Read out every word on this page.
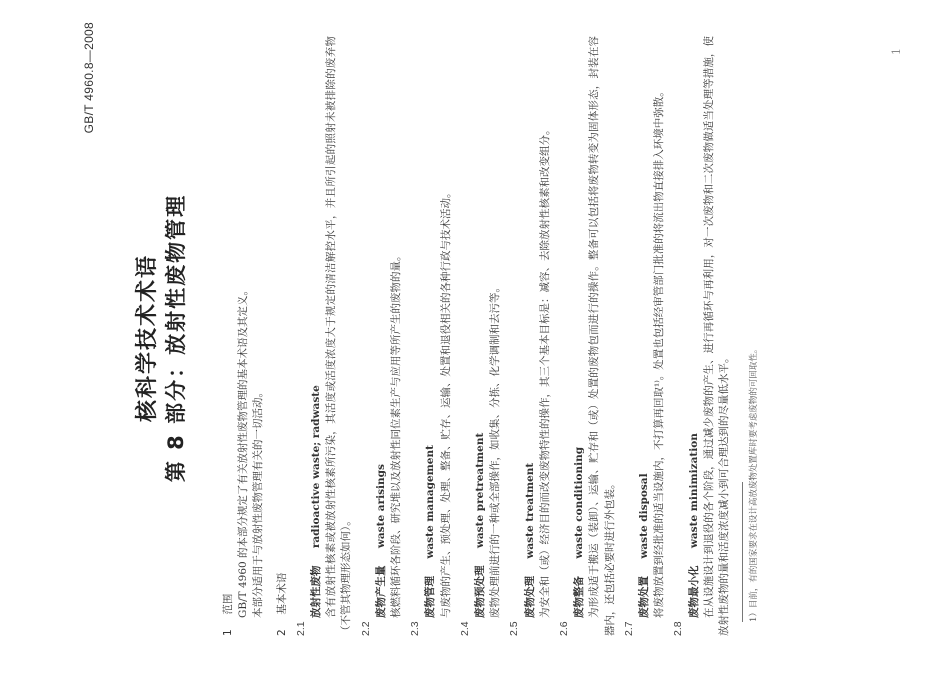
GB/T 4960.8—2008
核科学技术术语 第 8 部分：放射性废物管理
1
1 范围 GB/T 4960 的本部分规定了有关放射性废物管理的基本术语及其定义。 本部分适用于与放射性废物管理有关的一切活动。
2 基本术语
2.1
放射性废物 radioactive waste; radwaste 含有放射性核素或被放射性核素所污染，其活度或活度浓度大于规定的清洁解控水平，并且所引起的照射未被排除的废弃物（不管其物理形态如何）。 2.2
废物产生量 waste arisings 核燃料循环各阶段、研究堆以及放射性同位素生产与应用等所产生的废物的量。
2.3
废物管理 waste management 与废物的产生、预处理、处理、整备、贮存、运输、处置和退役相关的各种行政与技术活动。
2.4
废物预处理 waste pretreatment 废物处理前进行的一种或全部操作，如收集、分拣、化学调制和去污等。
2.5
废物处理 waste treatment 为安全和（或）经济目的而改变废物特性的操作，其三个基本目标是：减容、去除放射性核素和改变组分。
2.6
废物整备 waste conditioning 为形成适于搬运（装卸）、运输、贮存和（或）处置的废物包而进行的操作。整备可以包括将废物转变为固体形态，封装在容器内，还包括必要时进行外包装。 2.7
废物处置 waste disposal 将废物放置到经批准的适当设施内，不打算再回取¹⁾。处置也包括经审管部门批准的将流出物直接排入环境中弥散。
2.8
废物最小化 waste minimization 在从设施设计到退役的各个阶段，通过减少废物的产生、进行再循环与再利用，对一次废物和二次废物做适当处理等措施，使放射性废物的量和活度浓度减小到可合理达到的尽量低水平。 1）目前，有的国家要求在设计高放废物处置库时要考虑废物的可回取性。
